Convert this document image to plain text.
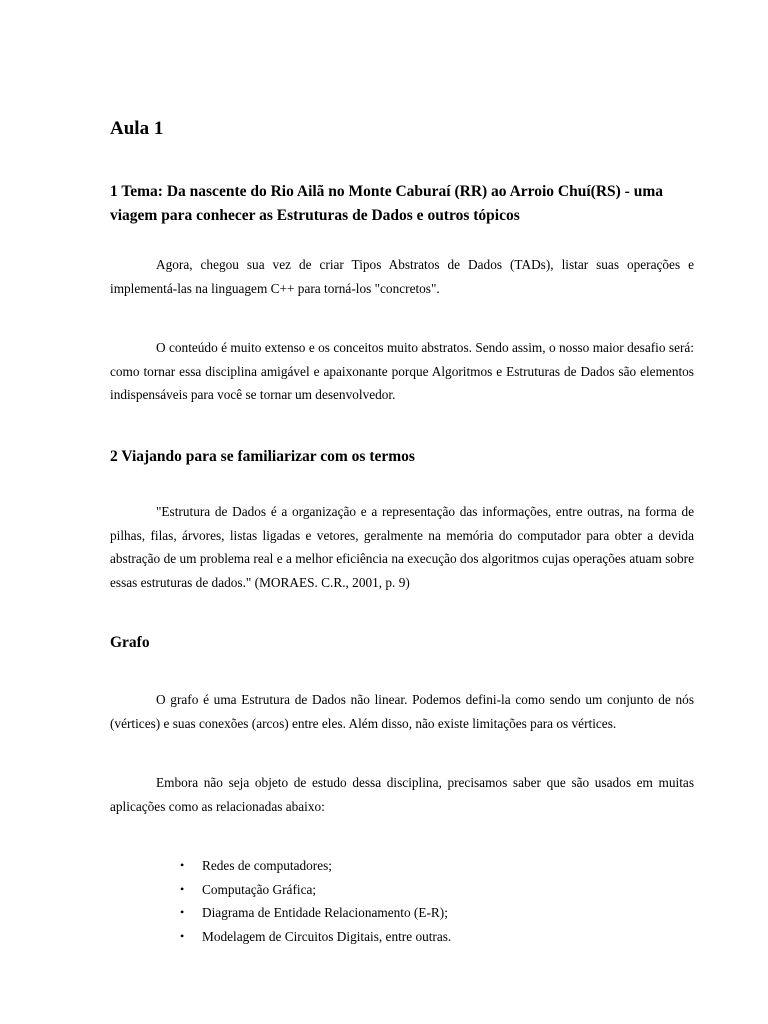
Aula 1
1 Tema: Da nascente do Rio Ailã no Monte Caburaí (RR) ao Arroio Chuí(RS) - uma viagem para conhecer as Estruturas de Dados e outros tópicos

Agora, chegou sua vez de criar Tipos Abstratos de Dados (TADs), listar suas operações e implementá-las na linguagem C++ para torná-los "concretos".

O conteúdo é muito extenso e os conceitos muito abstratos. Sendo assim, o nosso maior desafio será: como tornar essa disciplina amigável e apaixonante porque Algoritmos e Estruturas de Dados são elementos indispensáveis para você se tornar um desenvolvedor.

2 Viajando para se familiarizar com os termos

"Estrutura de Dados é a organização e a representação das informações, entre outras, na forma de pilhas, filas, árvores, listas ligadas e vetores, geralmente na memória do computador para obter a devida abstração de um problema real e a melhor eficiência na execução dos algoritmos cujas operações atuam sobre essas estruturas de dados." (MORAES. C.R., 2001, p. 9)

Grafo

O grafo é uma Estrutura de Dados não linear. Podemos defini-la como sendo um conjunto de nós (vértices) e suas conexões (arcos) entre eles. Além disso, não existe limitações para os vértices.

Embora não seja objeto de estudo dessa disciplina, precisamos saber que são usados em muitas aplicações como as relacionadas abaixo:

• Redes de computadores;
• Computação Gráfica;
• Diagrama de Entidade Relacionamento (E-R);
• Modelagem de Circuitos Digitais, entre outras.
